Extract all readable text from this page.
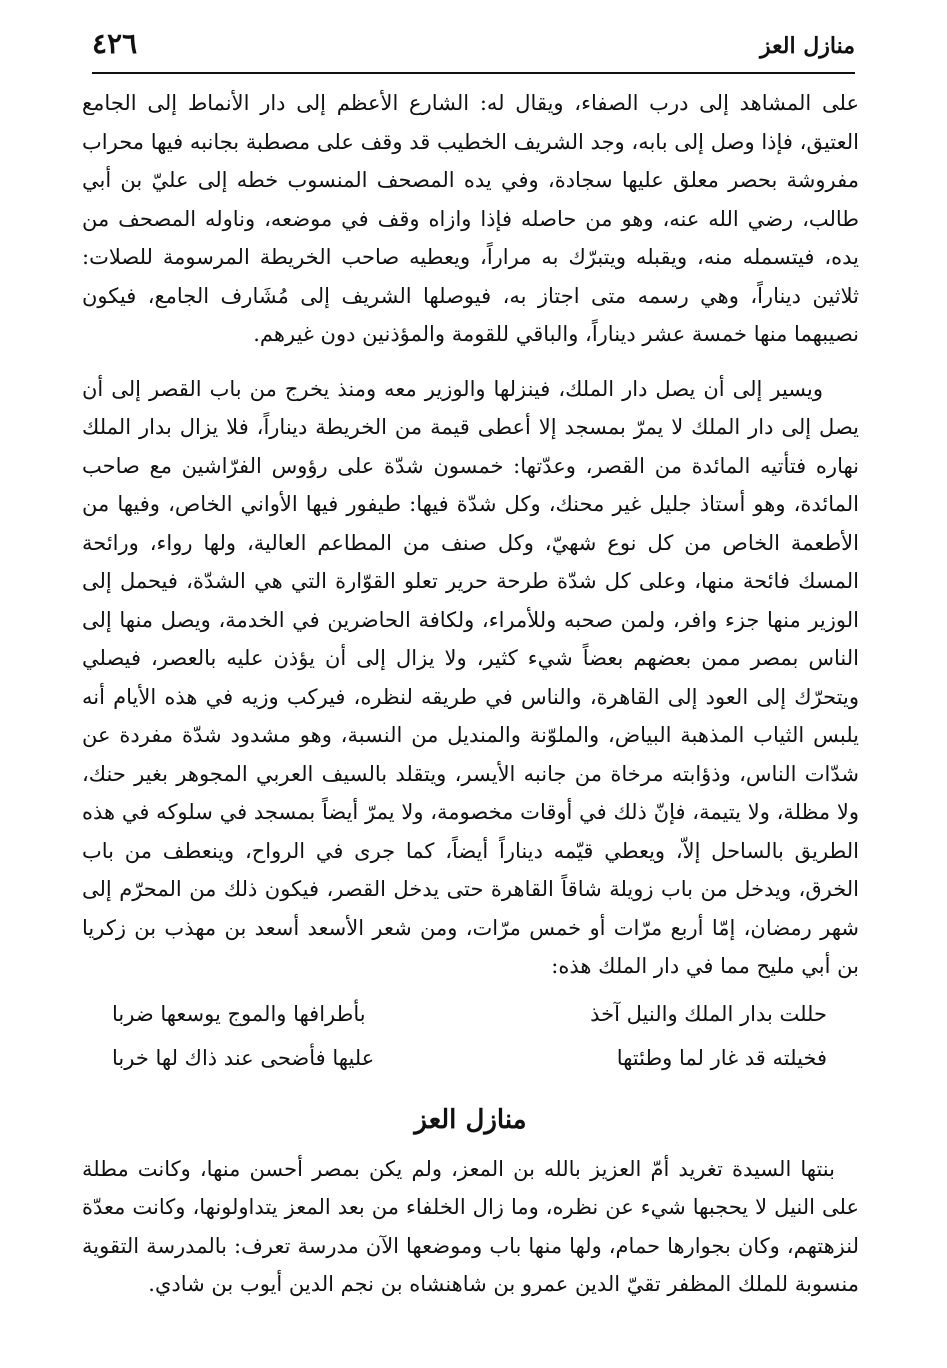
٤٢٦	منازل العز

على المشاهد إلى درب الصفاء، ويقال له: الشارع الأعظم إلى دار الأنماط إلى الجامع العتيق، فإذا وصل إلى بابه، وجد الشريف الخطيب قد وقف على مصطبة بجانبه فيها محراب مفروشة بحصر معلق عليها سجادة، وفي يده المصحف المنسوب خطه إلى عليّ بن أبي طالب، رضي الله عنه، وهو من حاصله فإذا وازاه وقف في موضعه، وناوله المصحف من يده، فيتسمله منه، ويقبله ويتبرّك به مراراً، ويعطيه صاحب الخريطة المرسومة للصلات: ثلاثين ديناراً، وهي رسمه متى اجتاز به، فيوصلها الشريف إلى مُشَارف الجامع، فيكون نصيبهما منها خمسة عشر ديناراً، والباقي للقومة والمؤذنين دون غيرهم.

ويسير إلى أن يصل دار الملك، فينزلها والوزير معه ومنذ يخرج من باب القصر إلى أن يصل إلى دار الملك لا يمرّ بمسجد إلا أعطى قيمة من الخريطة ديناراً، فلا يزال بدار الملك نهاره فتأتيه المائدة من القصر، وعدّتها: خمسون شدّة على رؤوس الفرّاشين مع صاحب المائدة، وهو أستاذ جليل غير محنك، وكل شدّة فيها: طيفور فيها الأواني الخاص، وفيها من الأطعمة الخاص من كل نوع شهيّ، وكل صنف من المطاعم العالية، ولها رواء، ورائحة المسك فائحة منها، وعلى كل شدّة طرحة حرير تعلو القوّارة التي هي الشدّة، فيحمل إلى الوزير منها جزء وافر، ولمن صحبه وللأمراء، ولكافة الحاضرين في الخدمة، ويصل منها إلى الناس بمصر ممن بعضهم بعضاً شيء كثير، ولا يزال إلى أن يؤذن عليه بالعصر، فيصلي ويتحرّك إلى العود إلى القاهرة، والناس في طريقه لنظره، فيركب وزيه في هذه الأيام أنه يلبس الثياب المذهبة البياض، والملوّنة والمنديل من النسبة، وهو مشدود شدّة مفردة عن شدّات الناس، وذؤابته مرخاة من جانبه الأيسر، ويتقلد بالسيف العربي المجوهر بغير حنك، ولا مظلة، ولا يتيمة، فإنّ ذلك في أوقات مخصومة، ولا يمرّ أيضاً بمسجد في سلوكه في هذه الطريق بالساحل إلاّ، ويعطي قيّمه ديناراً أيضاً، كما جرى في الرواح، وينعطف من باب الخرق، ويدخل من باب زويلة شاقاً القاهرة حتى يدخل القصر، فيكون ذلك من المحرّم إلى شهر رمضان، إمّا أربع مرّات أو خمس مرّات، ومن شعر الأسعد أسعد بن مهذب بن زكريا بن أبي مليح مما في دار الملك هذه:

حللت بدار الملك والنيل آخذ
بأطرافها والموج يوسعها ضربا
فخيلته قد غار لما وطئتها
عليها فأضحى عند ذاك لها خربا
منازل العز

بنتها السيدة تغريد أمّ العزيز بالله بن المعز، ولم يكن بمصر أحسن منها، وكانت مطلة على النيل لا يحجبها شيء عن نظره، وما زال الخلفاء من بعد المعز يتداولونها، وكانت معدّة لنزهتهم، وكان بجوارها حمام، ولها منها باب وموضعها الآن مدرسة تعرف: بالمدرسة التقوية منسوبة للملك المظفر تقيّ الدين عمرو بن شاهنشاه بن نجم الدين أيوب بن شادي.
